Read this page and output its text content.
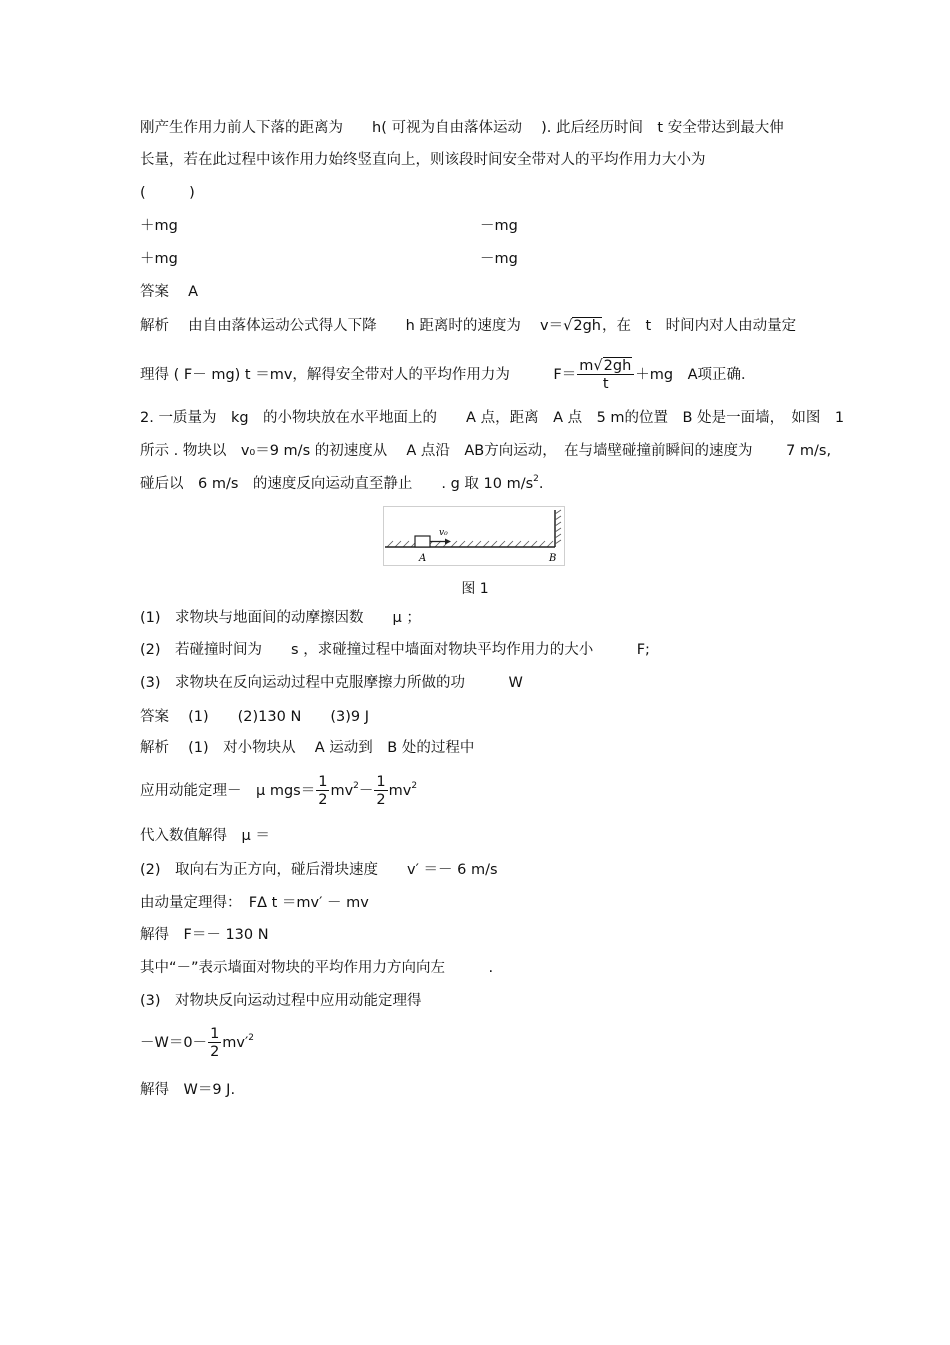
刚产生作用力前人下落的距离为　　h( 可视为自由落体运动　 ). 此后经历时间　t 安全带达到最大伸
长量，若在此过程中该作用力始终竖直向上，则该段时间安全带对人的平均作用力大小为
(　　　)
＋mg	－mg
＋mg	－mg
答案　 A
解析　 由自由落体运动公式得人下降　　h 距离时的速度为　 v＝√2gh，在　t　时间内对人由动量定
理得 ( F－ mg) t ＝mv，解得安全带对人的平均作用力为　　　$F= \frac{m√2gh}{t} +mg$　A项正确．
2. 一质量为　kg　的小物块放在水平地面上的　　A 点，距离　A 点　5 m的位置　B 处是一面墙，　如图　1
所示 . 物块以　v₀＝9 m/s 的初速度从　 A 点沿　AB方向运动，　在与墙壁碰撞前瞬间的速度为　　 7 m/s,
碰后以　6 m/s　的速度反向运动直至静止　　. g 取 10 $m/s^2$.
v₀
A	B
图 1
(1)　求物块与地面间的动摩擦因数　　μ ；
(2)　若碰撞时间为　　s ，求碰撞过程中墙面对物块平均作用力的大小　　　F;
(3)　求物块在反向运动过程中克服摩擦力所做的功　　　W
答案　 (1)　　(2)130 N　　(3)9 J
解析　 (1)　对小物块从　 A 运动到　B 处的过程中
应用动能定理－　μ $mgs= \frac{1}{2} mv^2- \frac{1}{2} mv^2$
代入数值解得　μ ＝
(2)　取向右为正方向，碰后滑块速度　　v′ ＝－ 6 m/s
由动量定理得：　FΔ t ＝mv′ － mv
解得　F＝－ 130 N
其中“－”表示墙面对物块的平均作用力方向向左　　　.
(3)　对物块反向运动过程中应用动能定理得
$-W=0- \frac{1}{2} mv'^2$
解得　W＝9 J.
